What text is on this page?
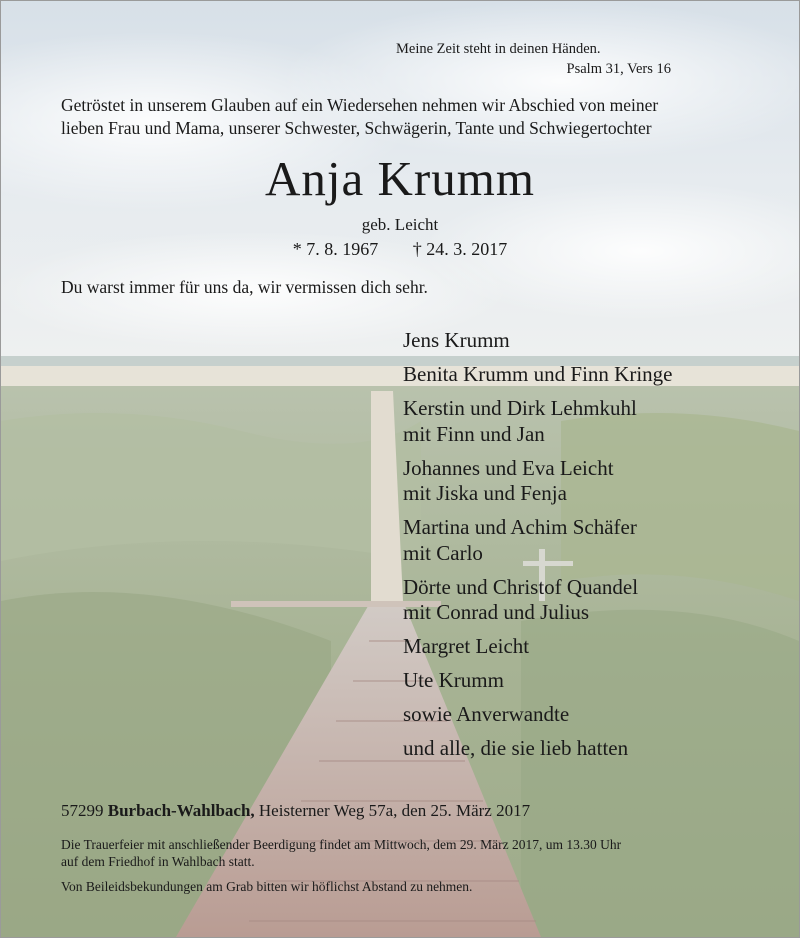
Meine Zeit steht in deinen Händen.
Psalm 31, Vers 16
Getröstet in unserem Glauben auf ein Wiedersehen nehmen wir Abschied von meiner
lieben Frau und Mama, unserer Schwester, Schwägerin, Tante und Schwiegertochter
Anja Krumm
geb. Leicht
* 7. 8. 1967 † 24. 3. 2017
Du warst immer für uns da, wir vermissen dich sehr.
Jens Krumm
Benita Krumm und Finn Kringe
Kerstin und Dirk Lehmkuhl
mit Finn und Jan
Johannes und Eva Leicht
mit Jiska und Fenja
Martina und Achim Schäfer
mit Carlo
Dörte und Christof Quandel
mit Conrad und Julius
Margret Leicht
Ute Krumm
sowie Anverwandte
und alle, die sie lieb hatten
57299 Burbach-Wahlbach, Heisterner Weg 57a, den 25. März 2017
Die Trauerfeier mit anschließender Beerdigung findet am Mittwoch, dem 29. März 2017, um 13.30 Uhr
auf dem Friedhof in Wahlbach statt.
Von Beileidsbekundungen am Grab bitten wir höflichst Abstand zu nehmen.
